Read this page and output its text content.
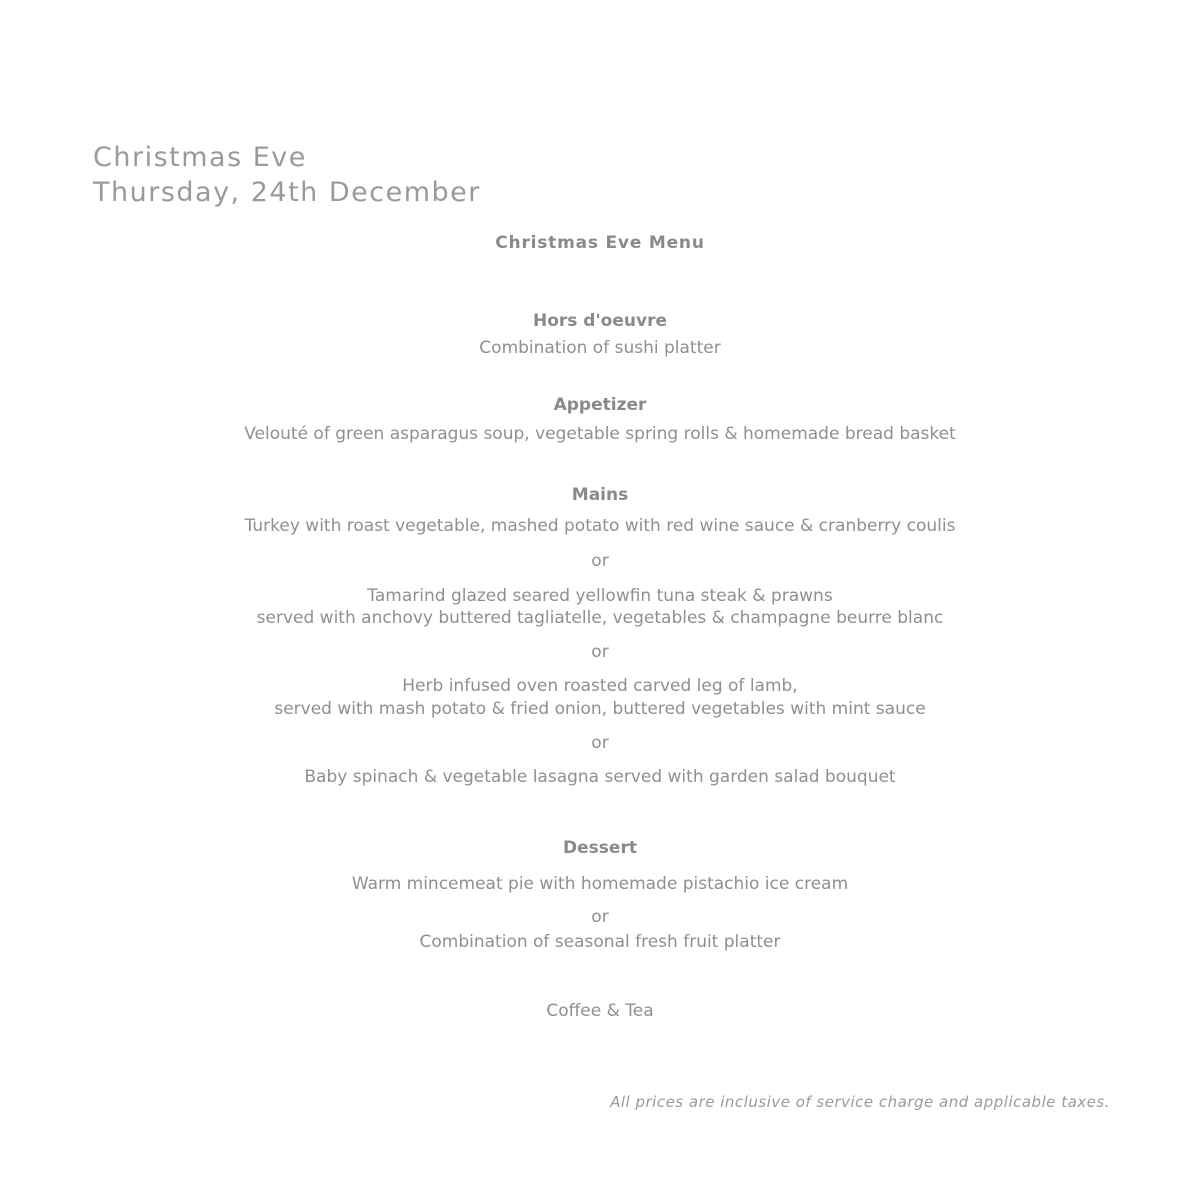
Christmas Eve
Thursday, 24th December
Christmas Eve Menu
Hors d'oeuvre
Combination of sushi platter
Appetizer
Velouté of green asparagus soup, vegetable spring rolls & homemade bread basket
Mains
Turkey with roast vegetable, mashed potato with red wine sauce & cranberry coulis
or
Tamarind glazed seared yellowfin tuna steak & prawns
served with anchovy buttered tagliatelle, vegetables & champagne beurre blanc
or
Herb infused oven roasted carved leg of lamb,
served with mash potato & fried onion, buttered vegetables with mint sauce
or
Baby spinach & vegetable lasagna served with garden salad bouquet
Dessert
Warm mincemeat pie with homemade pistachio ice cream
or
Combination of seasonal fresh fruit platter
Coffee & Tea
All prices are inclusive of service charge and applicable taxes.
